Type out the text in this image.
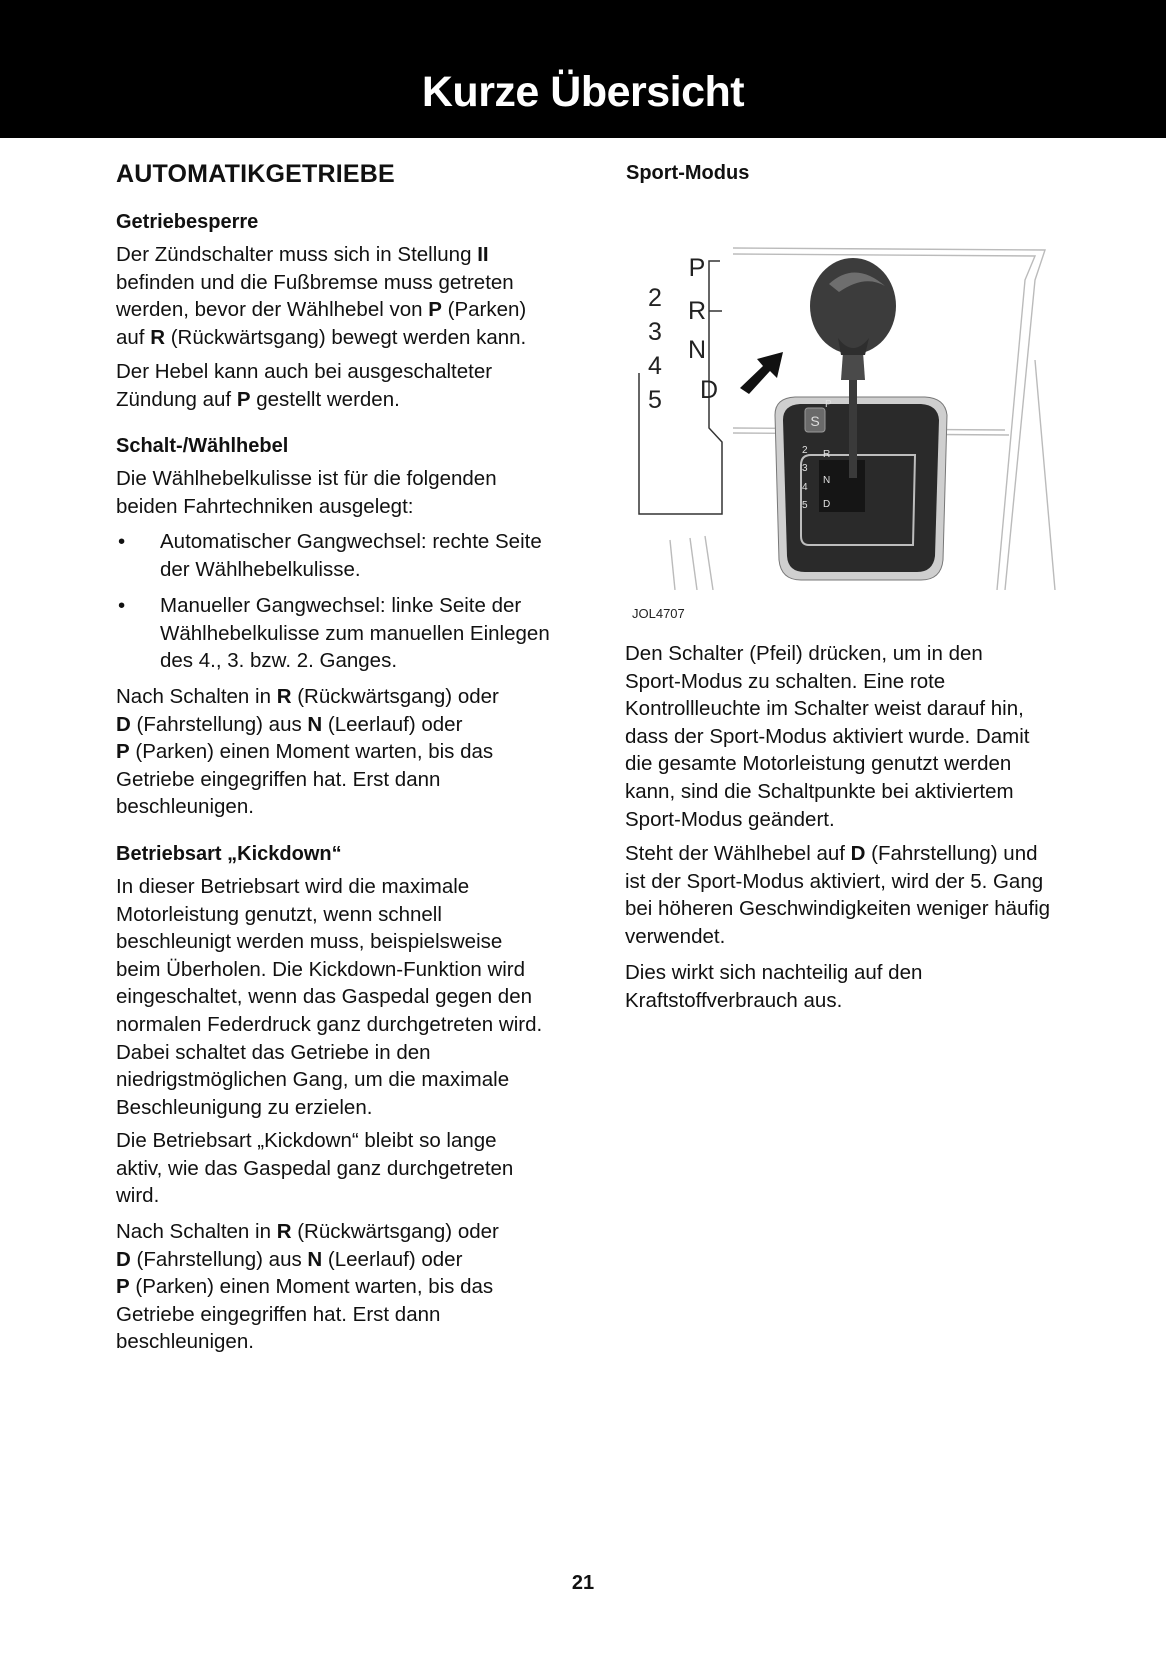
Kurze Übersicht
AUTOMATIKGETRIEBE
Getriebesperre
Der Zündschalter muss sich in Stellung II
befinden und die Fußbremse muss getreten
werden, bevor der Wählhebel von P (Parken)
auf R (Rückwärtsgang) bewegt werden kann.
Der Hebel kann auch bei ausgeschalteter
Zündung auf P gestellt werden.
Schalt-/Wählhebel
Die Wählhebelkulisse ist für die folgenden
beiden Fahrtechniken ausgelegt:
• Automatischer Gangwechsel: rechte Seite
der Wählhebelkulisse.
• Manueller Gangwechsel: linke Seite der
Wählhebelkulisse zum manuellen Einlegen
des 4., 3. bzw. 2. Ganges.
Nach Schalten in R (Rückwärtsgang) oder
D (Fahrstellung) aus N (Leerlauf) oder
P (Parken) einen Moment warten, bis das
Getriebe eingegriffen hat. Erst dann
beschleunigen.
Betriebsart „Kickdown“
In dieser Betriebsart wird die maximale
Motorleistung genutzt, wenn schnell
beschleunigt werden muss, beispielsweise
beim Überholen. Die Kickdown-Funktion wird
eingeschaltet, wenn das Gaspedal gegen den
normalen Federdruck ganz durchgetreten wird.
Dabei schaltet das Getriebe in den
niedrigstmöglichen Gang, um die maximale
Beschleunigung zu erzielen.
Die Betriebsart „Kickdown“ bleibt so lange
aktiv, wie das Gaspedal ganz durchgetreten
wird.
Nach Schalten in R (Rückwärtsgang) oder
D (Fahrstellung) aus N (Leerlauf) oder
P (Parken) einen Moment warten, bis das
Getriebe eingegriffen hat. Erst dann
beschleunigen.
Sport-Modus
P
R
N
D
2
3
4
5
S
P
R
N
D
2
3
4
5
JOL4707
Den Schalter (Pfeil) drücken, um in den
Sport-Modus zu schalten. Eine rote
Kontrollleuchte im Schalter weist darauf hin,
dass der Sport-Modus aktiviert wurde. Damit
die gesamte Motorleistung genutzt werden
kann, sind die Schaltpunkte bei aktiviertem
Sport-Modus geändert.
Steht der Wählhebel auf D (Fahrstellung) und
ist der Sport-Modus aktiviert, wird der 5. Gang
bei höheren Geschwindigkeiten weniger häufig
verwendet.
Dies wirkt sich nachteilig auf den
Kraftstoffverbrauch aus.
21
